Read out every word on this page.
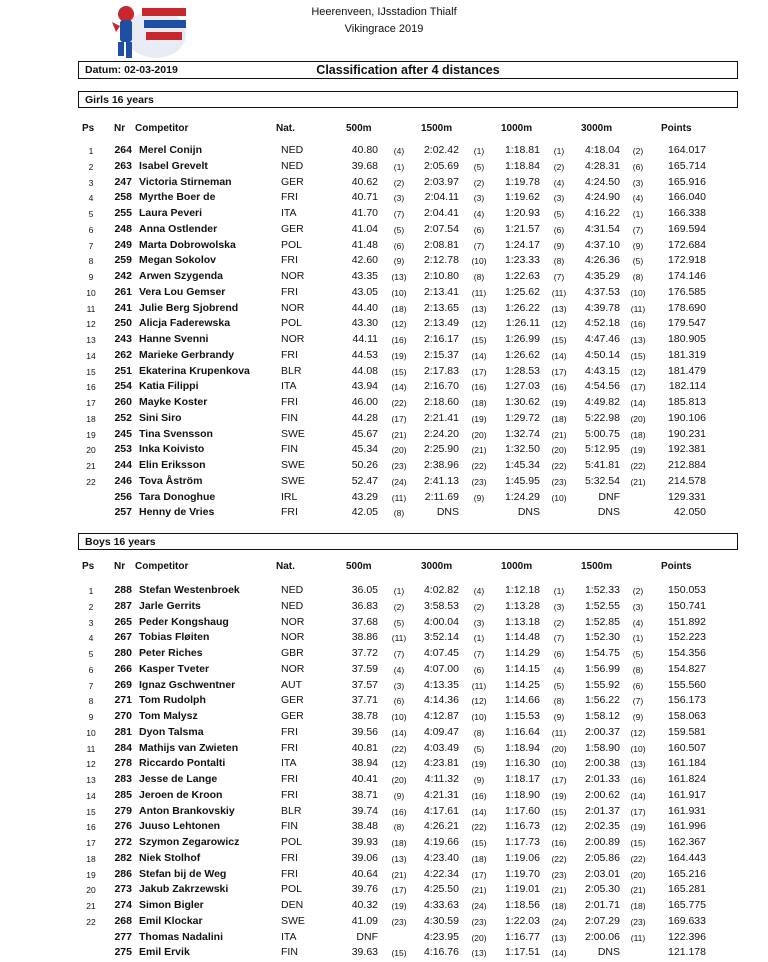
Heerenveen, IJsstadion Thialf
Vikingrace 2019
Datum: 02-03-2019	Classification after 4 distances
Girls 16 years
Ps Nr Competitor	Nat.	500m	1500m	1000m	3000m	Points
1	264 Merel Conijn	NED	40.80	(4)	2:02.42	(1)	1:18.81	(1)	4:18.04	(2)	164.017
2	263 Isabel Grevelt	NED	39.68	(1)	2:05.69	(5)	1:18.84	(2)	4:28.31	(6)	165.714
3	247 Victoria Stirneman	GER	40.62	(2)	2:03.97	(2)	1:19.78	(4)	4:24.50	(3)	165.916
4	258 Myrthe Boer de	FRI	40.71	(3)	2:04.11	(3)	1:19.62	(3)	4:24.90	(4)	166.040
5	255 Laura Peveri	ITA	41.70	(7)	2:04.41	(4)	1:20.93	(5)	4:16.22	(1)	166.338
6	248 Anna Ostlender	GER	41.04	(5)	2:07.54	(6)	1:21.57	(6)	4:31.54	(7)	169.594
7	249 Marta Dobrowolska	POL	41.48	(6)	2:08.81	(7)	1:24.17	(9)	4:37.10	(9)	172.684
8	259 Megan Sokolov	FRI	42.60	(9)	2:12.78	(10)	1:23.33	(8)	4:26.36	(5)	172.918
9	242 Arwen Szygenda	NOR	43.35	(13)	2:10.80	(8)	1:22.63	(7)	4:35.29	(8)	174.146
10	261 Vera Lou Gemser	FRI	43.05	(10)	2:13.41	(11)	1:25.62	(11)	4:37.53	(10)	176.585
11	241 Julie Berg Sjobrend	NOR	44.40	(18)	2:13.65	(13)	1:26.22	(13)	4:39.78	(11)	178.690
12	250 Alicja Faderewska	POL	43.30	(12)	2:13.49	(12)	1:26.11	(12)	4:52.18	(16)	179.547
13	243 Hanne Svenni	NOR	44.11	(16)	2:16.17	(15)	1:26.99	(15)	4:47.46	(13)	180.905
14	262 Marieke Gerbrandy	FRI	44.53	(19)	2:15.37	(14)	1:26.62	(14)	4:50.14	(15)	181.319
15	251 Ekaterina Krupenkova	BLR	44.08	(15)	2:17.83	(17)	1:28.53	(17)	4:43.15	(12)	181.479
16	254 Katia Filippi	ITA	43.94	(14)	2:16.70	(16)	1:27.03	(16)	4:54.56	(17)	182.114
17	260 Mayke Koster	FRI	46.00	(22)	2:18.60	(18)	1:30.62	(19)	4:49.82	(14)	185.813
18	252 Sini Siro	FIN	44.28	(17)	2:21.41	(19)	1:29.72	(18)	5:22.98	(20)	190.106
19	245 Tina Svensson	SWE	45.67	(21)	2:24.20	(20)	1:32.74	(21)	5:00.75	(18)	190.231
20	253 Inka Koivisto	FIN	45.34	(20)	2:25.90	(21)	1:32.50	(20)	5:12.95	(19)	192.381
21	244 Elin Eriksson	SWE	50.26	(23)	2:38.96	(22)	1:45.34	(22)	5:41.81	(22)	212.884
22	246 Tova Åström	SWE	52.47	(24)	2:41.13	(23)	1:45.95	(23)	5:32.54	(21)	214.578
256 Tara Donoghue	IRL	43.29	(11)	2:11.69	(9)	1:24.29	(10)	DNF	129.331
257 Henny de Vries	FRI	42.05	(8)	DNS	DNS	DNS	42.050
Boys 16 years
Ps Nr Competitor	Nat.	500m	3000m	1000m	1500m	Points
1	288 Stefan Westenbroek	NED	36.05	(1)	4:02.82	(4)	1:12.18	(1)	1:52.33	(2)	150.053
2	287 Jarle Gerrits	NED	36.83	(2)	3:58.53	(2)	1:13.28	(3)	1:52.55	(3)	150.741
3	265 Peder Kongshaug	NOR	37.68	(5)	4:00.04	(3)	1:13.18	(2)	1:52.85	(4)	151.892
4	267 Tobias Fløiten	NOR	38.86	(11)	3:52.14	(1)	1:14.48	(7)	1:52.30	(1)	152.223
5	280 Peter Riches	GBR	37.72	(7)	4:07.45	(7)	1:14.29	(6)	1:54.75	(5)	154.356
6	266 Kasper Tveter	NOR	37.59	(4)	4:07.00	(6)	1:14.15	(4)	1:56.99	(8)	154.827
7	269 Ignaz Gschwentner	AUT	37.57	(3)	4:13.35	(11)	1:14.25	(5)	1:55.92	(6)	155.560
8	271 Tom Rudolph	GER	37.71	(6)	4:14.36	(12)	1:14.66	(8)	1:56.22	(7)	156.173
9	270 Tom Malysz	GER	38.78	(10)	4:12.87	(10)	1:15.53	(9)	1:58.12	(9)	158.063
10	281 Dyon Talsma	FRI	39.56	(14)	4:09.47	(8)	1:16.64	(11)	2:00.37	(12)	159.581
11	284 Mathijs van Zwieten	FRI	40.81	(22)	4:03.49	(5)	1:18.94	(20)	1:58.90	(10)	160.507
12	278 Riccardo Pontalti	ITA	38.94	(12)	4:23.81	(19)	1:16.30	(10)	2:00.38	(13)	161.184
13	283 Jesse de Lange	FRI	40.41	(20)	4:11.32	(9)	1:18.17	(17)	2:01.33	(16)	161.824
14	285 Jeroen de Kroon	FRI	38.71	(9)	4:21.31	(16)	1:18.90	(19)	2:00.62	(14)	161.917
15	279 Anton Brankovskiy	BLR	39.74	(16)	4:17.61	(14)	1:17.60	(15)	2:01.37	(17)	161.931
16	276 Juuso Lehtonen	FIN	38.48	(8)	4:26.21	(22)	1:16.73	(12)	2:02.35	(19)	161.996
17	272 Szymon Zegarowicz	POL	39.93	(18)	4:19.66	(15)	1:17.73	(16)	2:00.89	(15)	162.367
18	282 Niek Stolhof	FRI	39.06	(13)	4:23.40	(18)	1:19.06	(22)	2:05.86	(22)	164.443
19	286 Stefan bij de Weg	FRI	40.64	(21)	4:22.34	(17)	1:19.70	(23)	2:03.01	(20)	165.216
20	273 Jakub Zakrzewski	POL	39.76	(17)	4:25.50	(21)	1:19.01	(21)	2:05.30	(21)	165.281
21	274 Simon Bigler	DEN	40.32	(19)	4:33.63	(24)	1:18.56	(18)	2:01.71	(18)	165.775
22	268 Emil Klockar	SWE	41.09	(23)	4:30.59	(23)	1:22.03	(24)	2:07.29	(23)	169.633
277 Thomas Nadalini	ITA	DNF	4:23.95	(20)	1:16.77	(13)	2:00.06	(11)	122.396
275 Emil Ervik	FIN	39.63	(15)	4:16.76	(13)	1:17.51	(14)	DNS	121.178
